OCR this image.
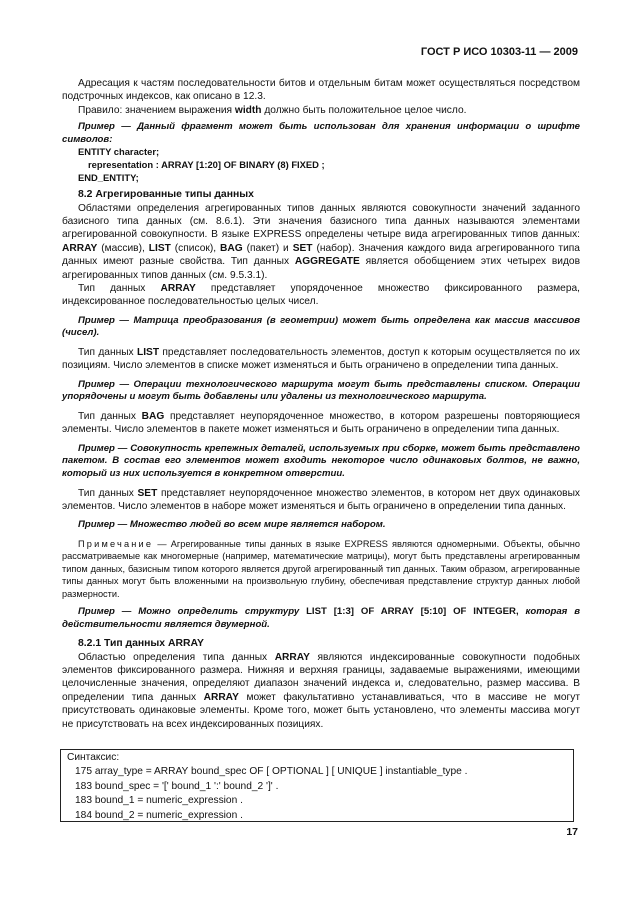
ГОСТ Р ИСО 10303-11 — 2009

Адресация к частям последовательности битов и отдельным битам может осуществляться посредством подстрочных индексов, как описано в 12.3.

Правило: значением выражения width должно быть положительное целое число.

Пример — Данный фрагмент может быть использован для хранения информации о шрифте символов:

ENTITY character;

representation : ARRAY [1:20] OF BINARY (8) FIXED ;

END_ENTITY;

8.2 Агрегированные типы данных

Областями определения агрегированных типов данных являются совокупности значений заданного базисного типа данных (см. 8.6.1). Эти значения базисного типа данных называются элементами агрегированной совокупности. В языке EXPRESS определены четыре вида агрегированных типов данных: ARRAY (массив), LIST (список), BAG (пакет) и SET (набор). Значения каждого вида агрегированного типа данных имеют разные свойства. Тип данных AGGREGATE является обобщением этих четырех видов агрегированных типов данных (см. 9.5.3.1).

Тип данных ARRAY представляет упорядоченное множество фиксированного размера, индексированное последовательностью целых чисел.

Пример — Матрица преобразования (в геометрии) может быть определена как массив массивов (чисел).

Тип данных LIST представляет последовательность элементов, доступ к которым осуществляется по их позициям. Число элементов в списке может изменяться и быть ограничено в определении типа данных.

Пример — Операции технологического маршрута могут быть представлены списком. Операции упорядочены и могут быть добавлены или удалены из технологического маршрута.

Тип данных BAG представляет неупорядоченное множество, в котором разрешены повторяющиеся элементы. Число элементов в пакете может изменяться и быть ограничено в определении типа данных.

Пример — Совокупность крепежных деталей, используемых при сборке, может быть представлено пакетом. В состав его элементов может входить некоторое число одинаковых болтов, не важно, который из них используется в конкретном отверстии.

Тип данных SET представляет неупорядоченное множество элементов, в котором нет двух одинаковых элементов. Число элементов в наборе может изменяться и быть ограничено в определении типа данных.

Пример — Множество людей во всем мире является набором.

Примечание — Агрегированные типы данных в языке EXPRESS являются одномерными. Объекты, обычно рассматриваемые как многомерные (например, математические матрицы), могут быть представлены агрегированным типом данных, базисным типом которого является другой агрегированный тип данных. Таким образом, агрегированные типы данных могут быть вложенными на произвольную глубину, обеспечивая представление структур данных любой размерности.

Пример — Можно определить структуру LIST [1:3] OF ARRAY [5:10] OF INTEGER, которая в действительности является двумерной.

8.2.1 Тип данных ARRAY

Областью определения типа данных ARRAY являются индексированные совокупности подобных элементов фиксированного размера. Нижняя и верхняя границы, задаваемые выражениями, имеющими целочисленные значения, определяют диапазон значений индекса и, следовательно, размер массива. В определении типа данных ARRAY может факультативно устанавливаться, что в массиве не могут присутствовать одинаковые элементы. Кроме того, может быть установлено, что элементы массива могут не присутствовать на всех индексированных позициях.

Синтаксис:
175 array_type = ARRAY bound_spec OF [ OPTIONAL ] [ UNIQUE ] instantiable_type .
183 bound_spec = '[' bound_1 ':' bound_2 ']' .
183 bound_1 = numeric_expression .
184 bound_2 = numeric_expression .
17
